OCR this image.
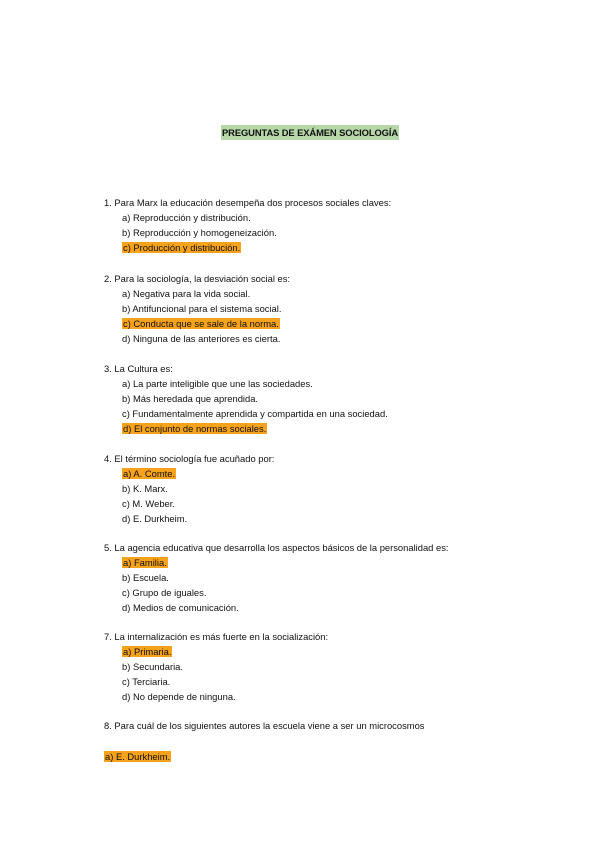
PREGUNTAS DE EXÁMEN SOCIOLOGÍA
1. Para Marx la educación desempeña dos procesos sociales claves:
a) Reproducción y distribución.
b) Reproducción y homogeneización.
c) Producción y distribución.
2. Para la sociología, la desviación social es:
a) Negativa para la vida social.
b) Antifuncional para el sistema social.
c) Conducta que se sale de la norma.
d) Ninguna de las anteriores es cierta.
3. La Cultura es:
a) La parte inteligible que une las sociedades.
b) Más heredada que aprendida.
c) Fundamentalmente aprendida y compartida en una sociedad.
d) El conjunto de normas sociales.
4. El término sociología fue acuñado por:
a) A. Comte.
b) K. Marx.
c) M. Weber.
d) E. Durkheim.
5. La agencia educativa que desarrolla los aspectos básicos de la personalidad es:
a) Familia.
b) Escuela.
c) Grupo de iguales.
d) Medios de comunicación.
7. La internalización es más fuerte en la socialización:
a) Primaria.
b) Secundaria.
c) Terciaria.
d) No depende de ninguna.
8. Para cuál de los siguientes autores la escuela viene a ser un microcosmos
a) E. Durkheim.
